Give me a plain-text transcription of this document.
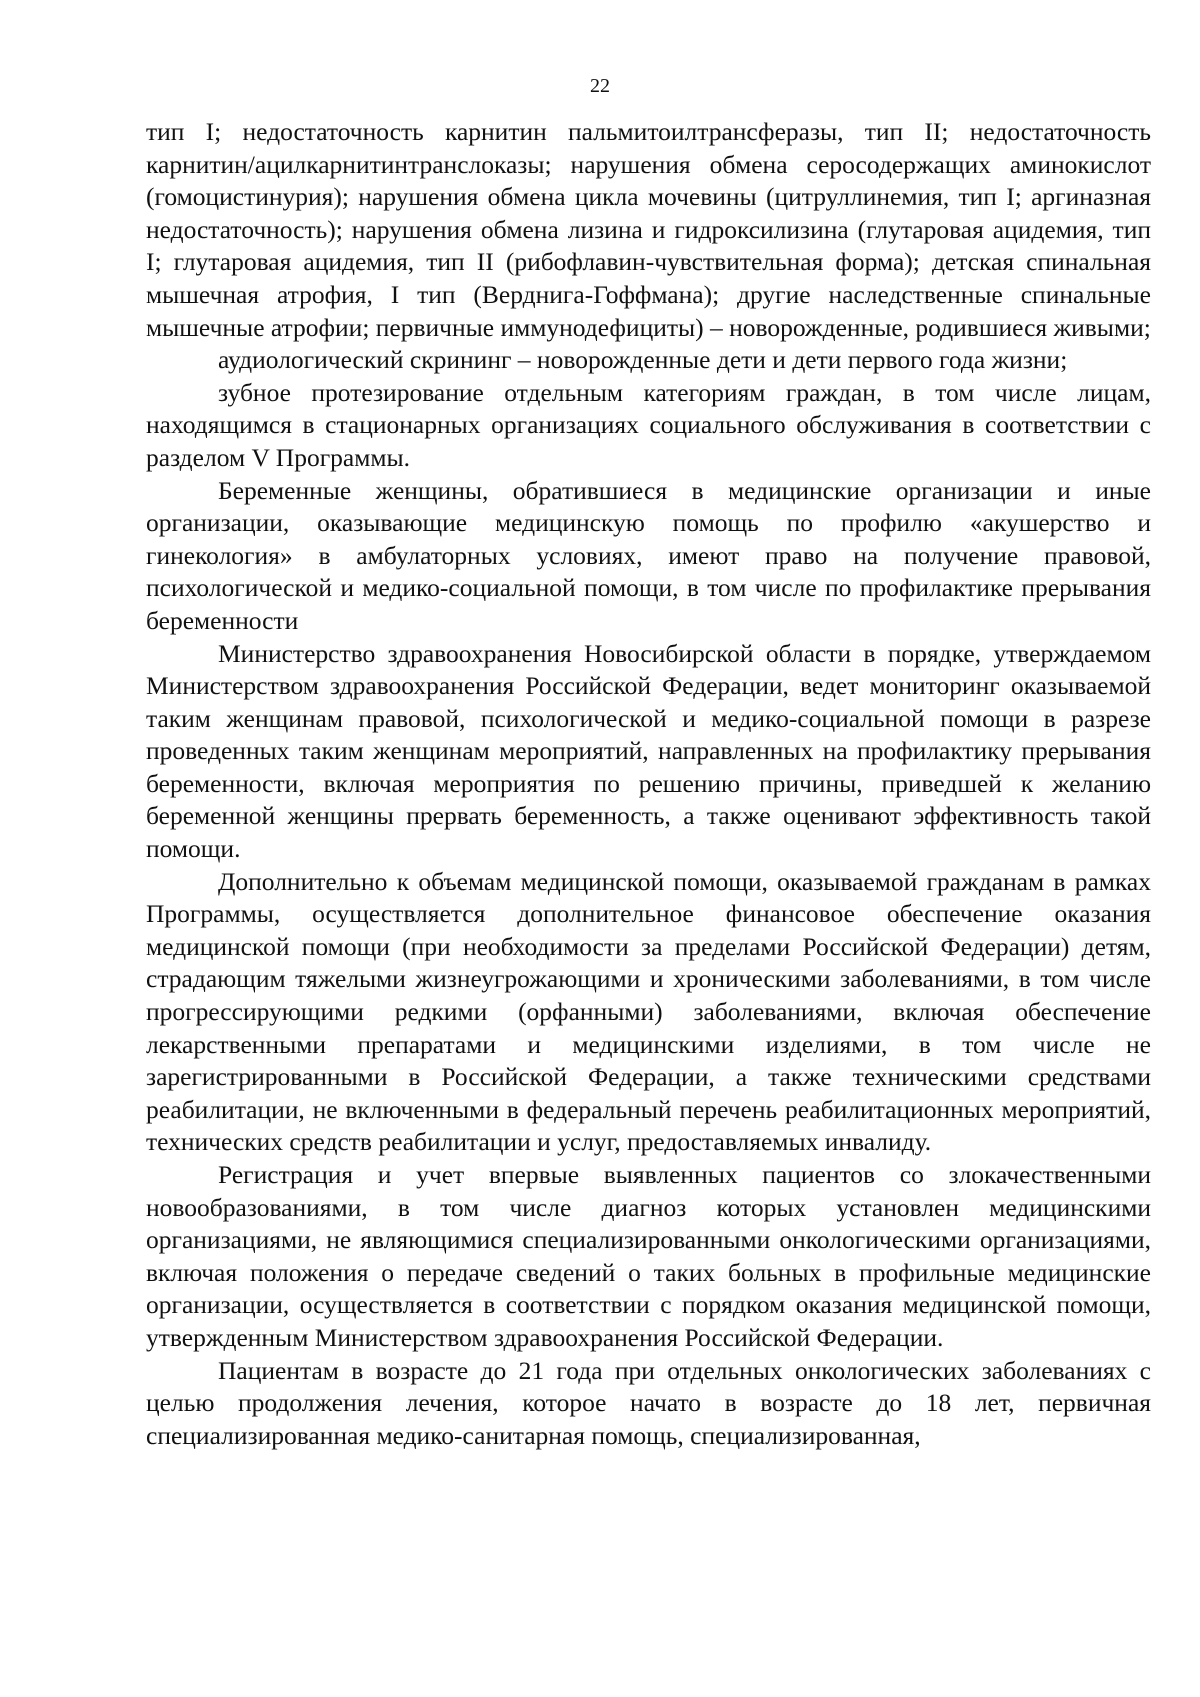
22

тип I; недостаточность карнитин пальмитоилтрансферазы, тип II; недостаточность карнитин/ацилкарнитинтранслоказы; нарушения обмена серосодержащих аминокислот (гомоцистинурия); нарушения обмена цикла мочевины (цитруллинемия, тип I; аргиназная недостаточность); нарушения обмена лизина и гидроксилизина (глутаровая ацидемия, тип I; глутаровая ацидемия, тип II (рибофлавин-чувствительная форма); детская спинальная мышечная атрофия, I тип (Верднига-Гоффмана); другие наследственные спинальные мышечные атрофии; первичные иммунодефициты) – новорожденные, родившиеся живыми;

аудиологический скрининг – новорожденные дети и дети первого года жизни;

зубное протезирование отдельным категориям граждан, в том числе лицам, находящимся в стационарных организациях социального обслуживания в соответствии с разделом V Программы.

Беременные женщины, обратившиеся в медицинские организации и иные организации, оказывающие медицинскую помощь по профилю «акушерство и гинекология» в амбулаторных условиях, имеют право на получение правовой, психологической и медико-социальной помощи, в том числе по профилактике прерывания беременности

Министерство здравоохранения Новосибирской области в порядке, утверждаемом Министерством здравоохранения Российской Федерации, ведет мониторинг оказываемой таким женщинам правовой, психологической и медико-социальной помощи в разрезе проведенных таким женщинам мероприятий, направленных на профилактику прерывания беременности, включая мероприятия по решению причины, приведшей к желанию беременной женщины прервать беременность, а также оценивают эффективность такой помощи.

Дополнительно к объемам медицинской помощи, оказываемой гражданам в рамках Программы, осуществляется дополнительное финансовое обеспечение оказания медицинской помощи (при необходимости за пределами Российской Федерации) детям, страдающим тяжелыми жизнеугрожающими и хроническими заболеваниями, в том числе прогрессирующими редкими (орфанными) заболеваниями, включая обеспечение лекарственными препаратами и медицинскими изделиями, в том числе не зарегистрированными в Российской Федерации, а также техническими средствами реабилитации, не включенными в федеральный перечень реабилитационных мероприятий, технических средств реабилитации и услуг, предоставляемых инвалиду.

Регистрация и учет впервые выявленных пациентов со злокачественными новообразованиями, в том числе диагноз которых установлен медицинскими организациями, не являющимися специализированными онкологическими организациями, включая положения о передаче сведений о таких больных в профильные медицинские организации, осуществляется в соответствии с порядком оказания медицинской помощи, утвержденным Министерством здравоохранения Российской Федерации.

Пациентам в возрасте до 21 года при отдельных онкологических заболеваниях с целью продолжения лечения, которое начато в возрасте до 18 лет, первичная специализированная медико-санитарная помощь, специализированная,
